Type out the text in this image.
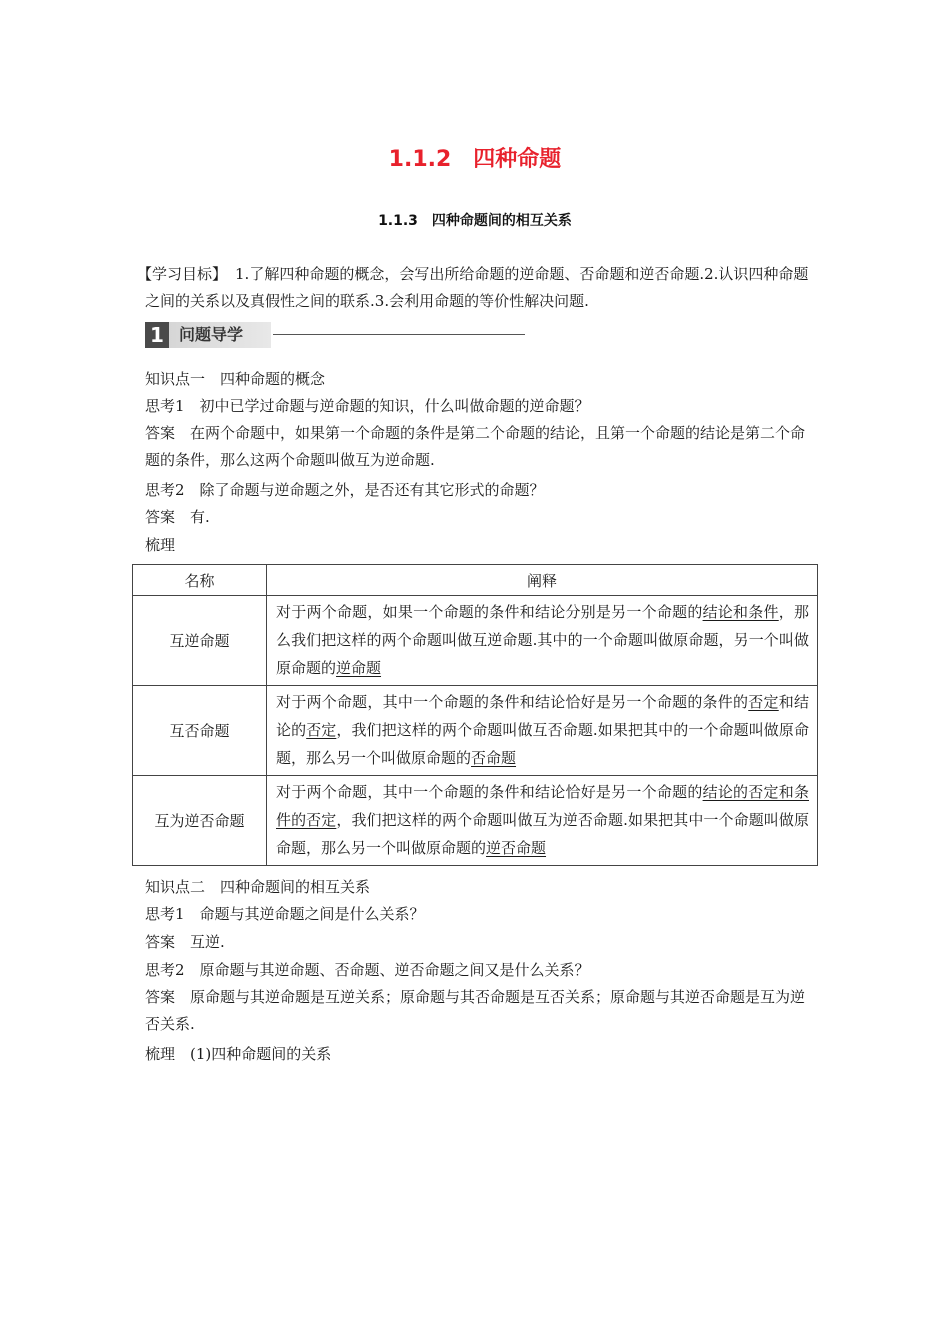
1.1.2　四种命题
1.1.3　四种命题间的相互关系
【学习目标】 1.了解四种命题的概念，会写出所给命题的逆命题、否命题和逆否命题.2.认识四种命题之间的关系以及真假性之间的联系.3.会利用命题的等价性解决问题.
1 问题导学
知识点一　四种命题的概念
思考1　初中已学过命题与逆命题的知识，什么叫做命题的逆命题？
答案　在两个命题中，如果第一个命题的条件是第二个命题的结论，且第一个命题的结论是第二个命题的条件，那么这两个命题叫做互为逆命题.
思考2　除了命题与逆命题之外，是否还有其它形式的命题？
答案　有.
梳理
名称	阐释
互逆命题	对于两个命题，如果一个命题的条件和结论分别是另一个命题的结论和条件，那么我们把这样的两个命题叫做互逆命题.其中的一个命题叫做原命题，另一个叫做原命题的逆命题
互否命题	对于两个命题，其中一个命题的条件和结论恰好是另一个命题的条件的否定和结论的否定，我们把这样的两个命题叫做互否命题.如果把其中的一个命题叫做原命题，那么另一个叫做原命题的否命题
互为逆否命题	对于两个命题，其中一个命题的条件和结论恰好是另一个命题的结论的否定和条件的否定，我们把这样的两个命题叫做互为逆否命题.如果把其中一个命题叫做原命题，那么另一个叫做原命题的逆否命题
知识点二　四种命题间的相互关系
思考1　命题与其逆命题之间是什么关系？
答案　互逆.
思考2　原命题与其逆命题、否命题、逆否命题之间又是什么关系？
答案　原命题与其逆命题是互逆关系；原命题与其否命题是互否关系；原命题与其逆否命题是互为逆否关系.
梳理　(1)四种命题间的关系
